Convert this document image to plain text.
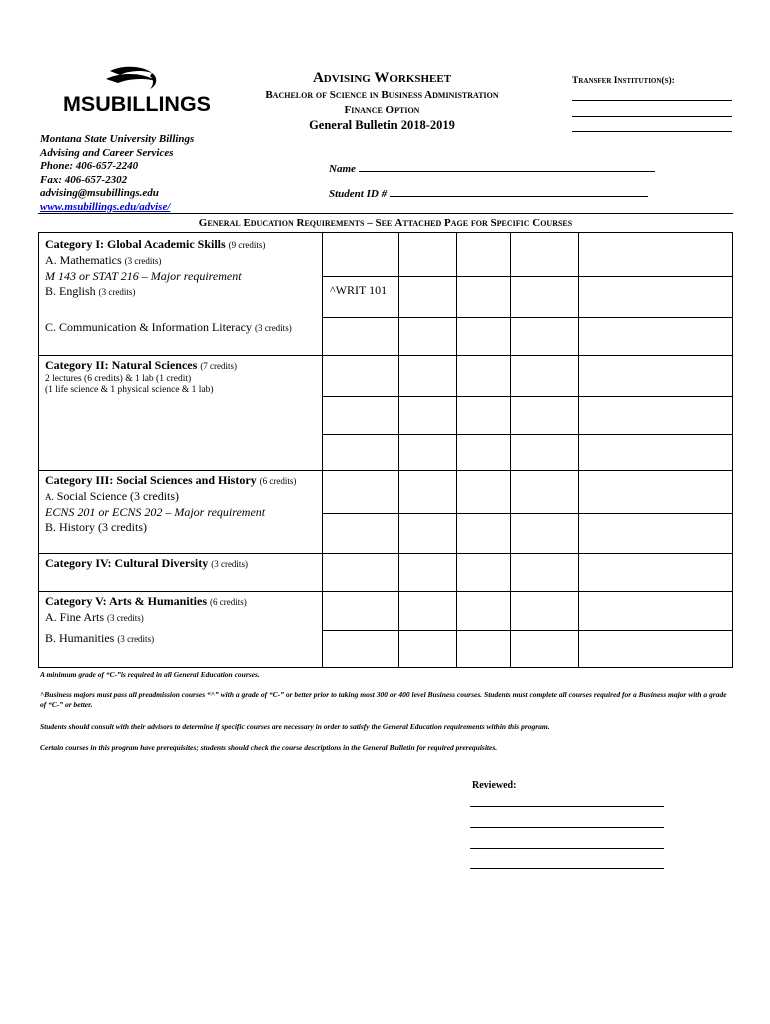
MSUBILLINGS
Advising Worksheet
Bachelor of Science in Business Administration
Finance Option
General Bulletin 2018-2019
Transfer Institution(s):
Montana State University Billings
Advising and Career Services
Phone: 406-657-2240
Fax: 406-657-2302
advising@msubillings.edu
www.msubillings.edu/advise/
Name
Student ID #
General Education Requirements – See Attached Page for Specific Courses
Category I: Global Academic Skills (9 credits)
A. Mathematics (3 credits)
M 143 or STAT 216 – Major requirement
B. English (3 credits)
C. Communication & Information Literacy (3 credits)
^WRIT 101
Category II: Natural Sciences (7 credits)
2 lectures (6 credits) & 1 lab (1 credit)
(1 life science & 1 physical science & 1 lab)
Category III: Social Sciences and History (6 credits)
A. Social Science (3 credits)
ECNS 201 or ECNS 202 – Major requirement
B. History (3 credits)
Category IV: Cultural Diversity (3 credits)
Category V: Arts & Humanities (6 credits)
A. Fine Arts (3 credits)
B. Humanities (3 credits)
A minimum grade of “C-”is required in all General Education courses.
^Business majors must pass all preadmission courses “^” with a grade of “C-” or better prior to taking most 300 or 400 level Business courses. Students must complete all courses required for a Business major with a grade of “C-” or better.
Students should consult with their advisors to determine if specific courses are necessary in order to satisfy the General Education requirements within this program.
Certain courses in this program have prerequisites; students should check the course descriptions in the General Bulletin for required prerequisites.
Reviewed:
